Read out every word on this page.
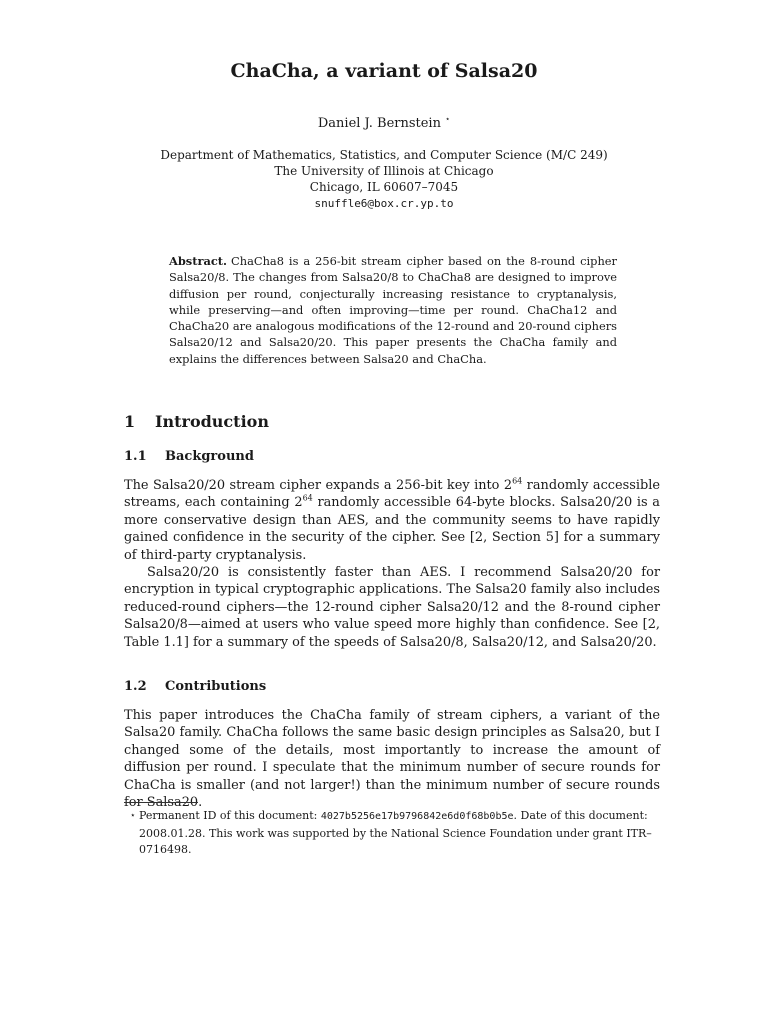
ChaCha, a variant of Salsa20
Daniel J. Bernstein ⋆
Department of Mathematics, Statistics, and Computer Science (M/C 249)
The University of Illinois at Chicago
Chicago, IL 60607–7045
snuffle6@box.cr.yp.to
Abstract. ChaCha8 is a 256-bit stream cipher based on the 8-round cipher Salsa20/8. The changes from Salsa20/8 to ChaCha8 are designed to improve diffusion per round, conjecturally increasing resistance to cryptanalysis, while preserving—and often improving—time per round. ChaCha12 and ChaCha20 are analogous modifications of the 12-round and 20-round ciphers Salsa20/12 and Salsa20/20. This paper presents the ChaCha family and explains the differences between Salsa20 and ChaCha.
1 Introduction
1.1 Background

The Salsa20/20 stream cipher expands a 256-bit key into $2^{64}$ randomly accessible streams, each containing $2^{64}$ randomly accessible 64-byte blocks. Salsa20/20 is a more conservative design than AES, and the community seems to have rapidly gained confidence in the security of the cipher. See [2, Section 5] for a summary of third-party cryptanalysis.

Salsa20/20 is consistently faster than AES. I recommend Salsa20/20 for encryption in typical cryptographic applications. The Salsa20 family also includes reduced-round ciphers—the 12-round cipher Salsa20/12 and the 8-round cipher Salsa20/8—aimed at users who value speed more highly than confidence. See [2, Table 1.1] for a summary of the speeds of Salsa20/8, Salsa20/12, and Salsa20/20.

1.2 Contributions

This paper introduces the ChaCha family of stream ciphers, a variant of the Salsa20 family. ChaCha follows the same basic design principles as Salsa20, but I changed some of the details, most importantly to increase the amount of diffusion per round. I speculate that the minimum number of secure rounds for ChaCha is smaller (and not larger!) than the minimum number of secure rounds for Salsa20.

⋆ Permanent ID of this document: 4027b5256e17b9796842e6d0f68b0b5e. Date of this document: 2008.01.28. This work was supported by the National Science Foundation under grant ITR–0716498.
